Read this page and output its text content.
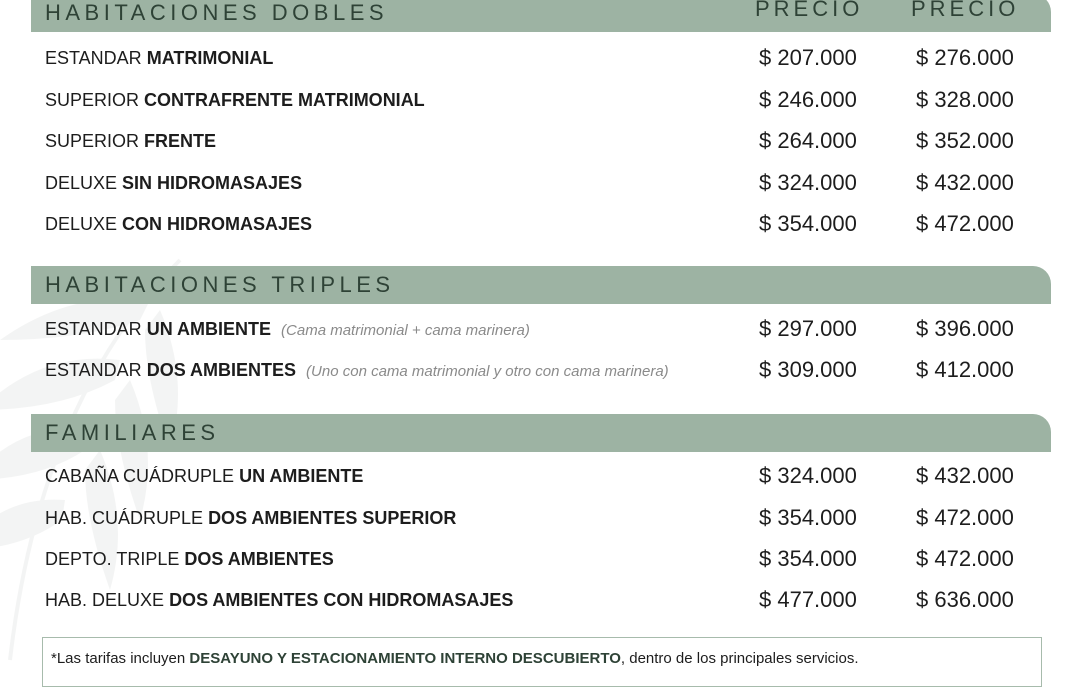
HABITACIONES DOBLES	PRECIO PRECIO
ESTANDAR MATRIMONIAL	$ 207.000	$ 276.000
SUPERIOR CONTRAFRENTE MATRIMONIAL	$ 246.000	$ 328.000
SUPERIOR FRENTE	$ 264.000	$ 352.000
DELUXE SIN HIDROMASAJES	$ 324.000	$ 432.000
DELUXE CON HIDROMASAJES	$ 354.000	$ 472.000
HABITACIONES TRIPLES
ESTANDAR UN AMBIENTE (Cama matrimonial + cama marinera)	$ 297.000	$ 396.000
ESTANDAR DOS AMBIENTES (Uno con cama matrimonial y otro con cama marinera)	$ 309.000	$ 412.000
FAMILIARES
CABAÑA CUÁDRUPLE UN AMBIENTE	$ 324.000	$ 432.000
HAB. CUÁDRUPLE DOS AMBIENTES SUPERIOR	$ 354.000	$ 472.000
DEPTO. TRIPLE DOS AMBIENTES	$ 354.000	$ 472.000
HAB. DELUXE DOS AMBIENTES CON HIDROMASAJES	$ 477.000	$ 636.000
*Las tarifas incluyen DESAYUNO Y ESTACIONAMIENTO INTERNO DESCUBIERTO, dentro de los principales servicios.
